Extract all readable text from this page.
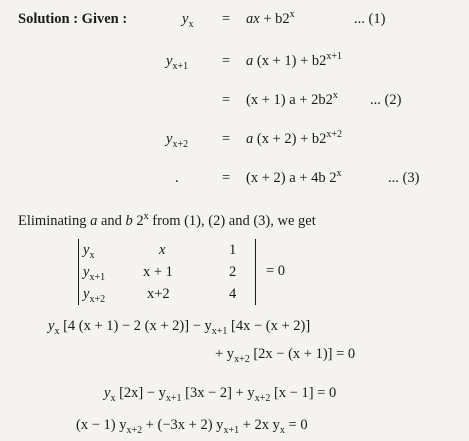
Solution : Given :	$y_x$ = ax + $b2^x$	... (1)
$y_{x+1} = a$ $(x + 1) + b2^{x+1}$
= (x + 1) $a + 2b2^x$ ... (2)
$y_{x+2} = a$ $(x + 2) + b2^{x+2}$
.	= (x + 2) a + 4b 2$^x$	... (3)
Eliminating a and b 2$^x$ from (1), (2) and (3), we get
$y_x$	x	1
$y_{x+1}$	x + 1	2
$y_{x+2}$	x+2	4
= 0
$y_x$ [4 (x + 1) − 2 $(x + 2)] - y_{x+1}$ [4x − (x + 2)]
+ $y_{x+2}$ [2x − (x + 1)] = 0
$y_x$ $[2x] - y_{x+1}$ $[3x - 2] + y_{x+2}$ [x − 1] = 0
(x − 1) $y_{x+2} + (-3x + 2) y_{x+1} + 2x$ $y_x = 0$
